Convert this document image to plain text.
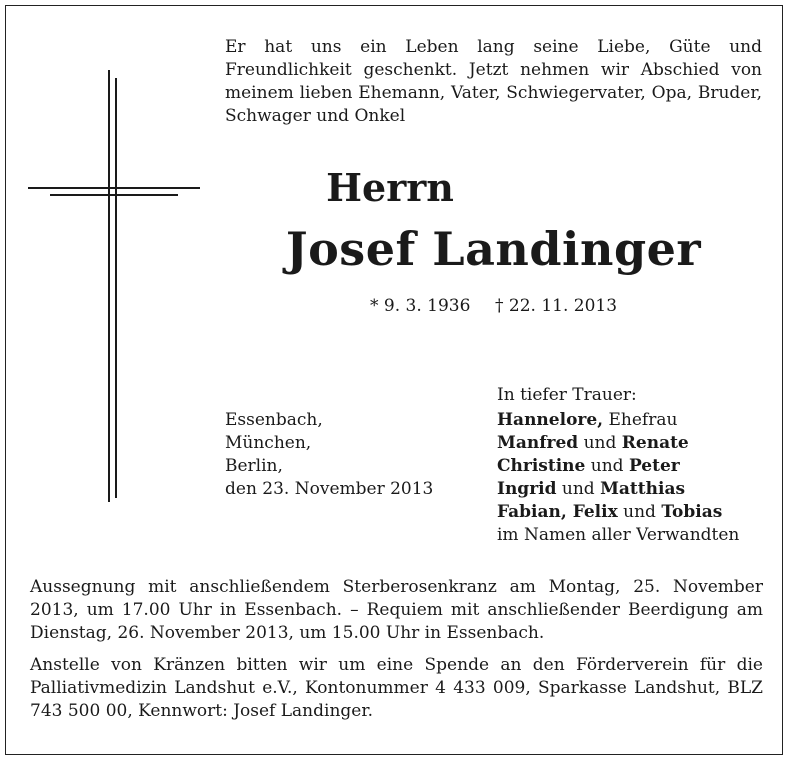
Er hat uns ein Leben lang seine Liebe, Güte und Freundlichkeit geschenkt. Jetzt nehmen wir Abschied von meinem lieben Ehemann, Vater, Schwiegervater, Opa, Bruder, Schwager und Onkel

Herrn
Josef Landinger
* 9. 3. 1936 † 22. 11. 2013
In tiefer Trauer:
Essenbach,
München,
Berlin,
den 23. November 2013
Hannelore, Ehefrau
Manfred und Renate
Christine und Peter
Ingrid und Matthias
Fabian, Felix und Tobias
im Namen aller Verwandten

Aussegnung mit anschließendem Sterberosenkranz am Montag, 25. November 2013, um 17.00 Uhr in Essenbach. – Requiem mit anschließender Beerdigung am Dienstag, 26. November 2013, um 15.00 Uhr in Essenbach.

Anstelle von Kränzen bitten wir um eine Spende an den Förderverein für die Palliativmedizin Landshut e.V., Kontonummer 4 433 009, Sparkasse Landshut, BLZ 743 500 00, Kennwort: Josef Landinger.
